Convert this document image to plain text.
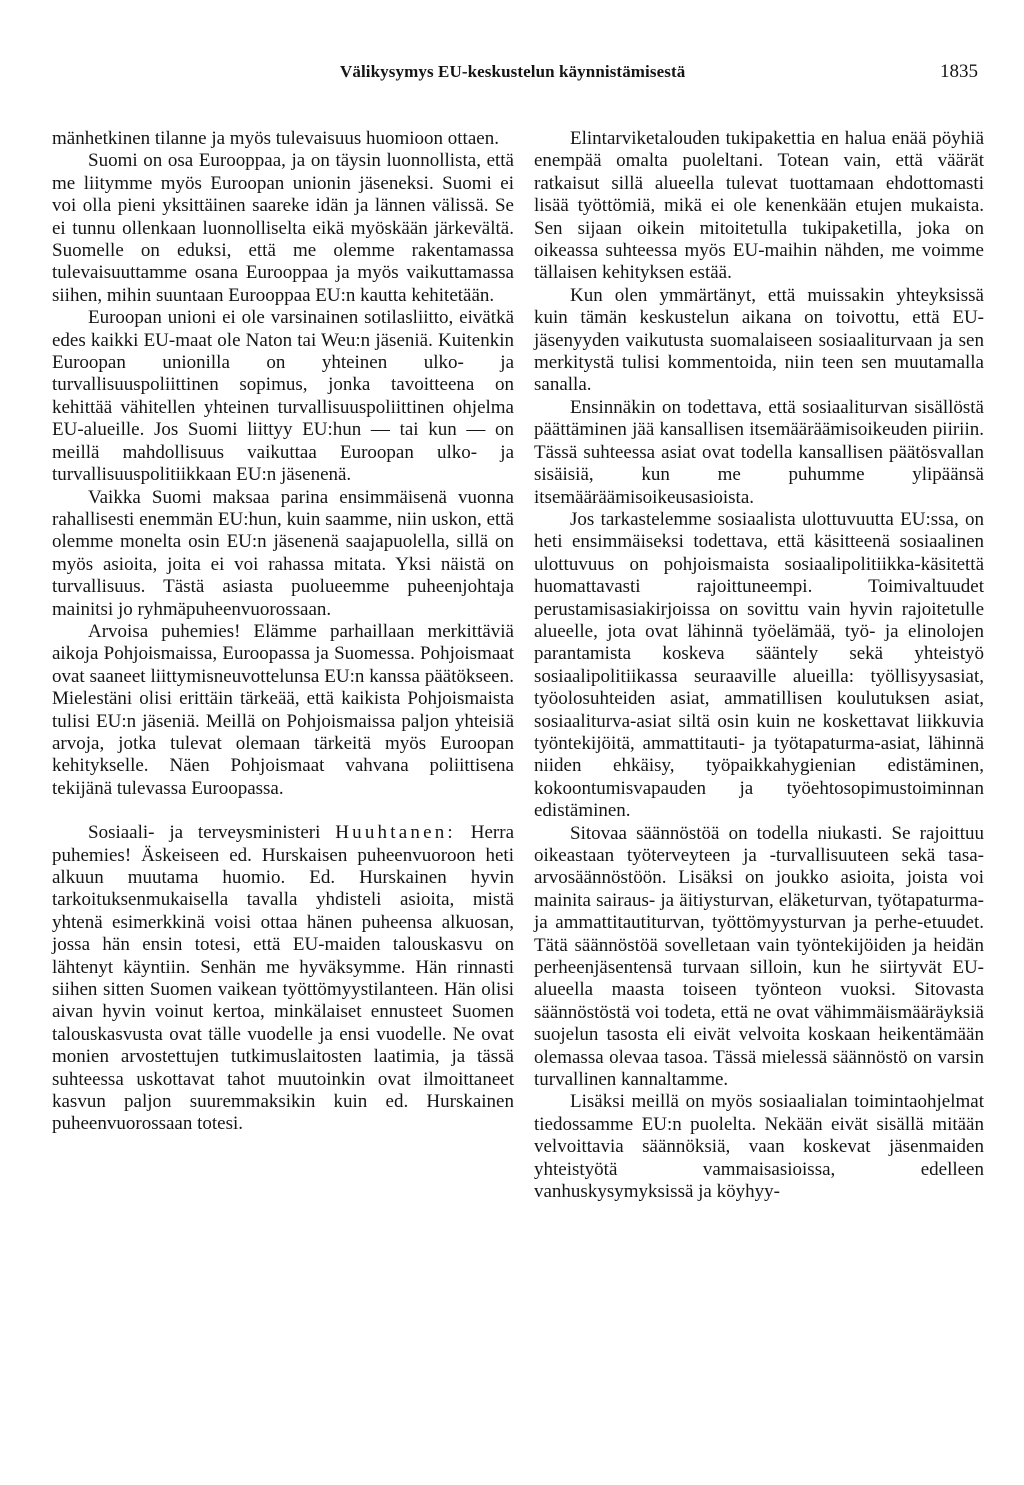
Välikysymys EU-keskustelun käynnistämisestä	1835

mänhetkinen tilanne ja myös tulevaisuus huomioon ottaen.

Suomi on osa Eurooppaa, ja on täysin luonnollista, että me liitymme myös Euroopan unionin jäseneksi. Suomi ei voi olla pieni yksittäinen saareke idän ja lännen välissä. Se ei tunnu ollenkaan luonnolliselta eikä myöskään järkevältä. Suomelle on eduksi, että me olemme rakentamassa tulevaisuuttamme osana Eurooppaa ja myös vaikuttamassa siihen, mihin suuntaan Eurooppaa EU:n kautta kehitetään.

Euroopan unioni ei ole varsinainen sotilasliitto, eivätkä edes kaikki EU-maat ole Naton tai Weu:n jäseniä. Kuitenkin Euroopan unionilla on yhteinen ulko- ja turvallisuuspoliittinen sopimus, jonka tavoitteena on kehittää vähitellen yhteinen turvallisuuspoliittinen ohjelma EU-alueille. Jos Suomi liittyy EU:hun — tai kun — on meillä mahdollisuus vaikuttaa Euroopan ulko- ja turvallisuuspolitiikkaan EU:n jäsenenä.

Vaikka Suomi maksaa parina ensimmäisenä vuonna rahallisesti enemmän EU:hun, kuin saamme, niin uskon, että olemme monelta osin EU:n jäsenenä saajapuolella, sillä on myös asioita, joita ei voi rahassa mitata. Yksi näistä on turvallisuus. Tästä asiasta puolueemme puheenjohtaja mainitsi jo ryhmäpuheenvuorossaan.

Arvoisa puhemies! Elämme parhaillaan merkittäviä aikoja Pohjoismaissa, Euroopassa ja Suomessa. Pohjoismaat ovat saaneet liittymisneuvottelunsa EU:n kanssa päätökseen. Mielestäni olisi erittäin tärkeää, että kaikista Pohjoismaista tulisi EU:n jäseniä. Meillä on Pohjoismaissa paljon yhteisiä arvoja, jotka tulevat olemaan tärkeitä myös Euroopan kehitykselle. Näen Pohjoismaat vahvana poliittisena tekijänä tulevassa Euroopassa.

Sosiaali- ja terveysministeri Huuhtanen: Herra puhemies! Äskeiseen ed. Hurskaisen puheenvuoroon heti alkuun muutama huomio. Ed. Hurskainen hyvin tarkoituksenmukaisella tavalla yhdisteli asioita, mistä yhtenä esimerkkinä voisi ottaa hänen puheensa alkuosan, jossa hän ensin totesi, että EU-maiden talouskasvu on lähtenyt käyntiin. Senhän me hyväksymme. Hän rinnasti siihen sitten Suomen vaikean työttömyystilanteen. Hän olisi aivan hyvin voinut kertoa, minkälaiset ennusteet Suomen talouskasvusta ovat tälle vuodelle ja ensi vuodelle. Ne ovat monien arvostettujen tutkimuslaitosten laatimia, ja tässä suhteessa uskottavat tahot muutoinkin ovat ilmoittaneet kasvun paljon suuremmaksikin kuin ed. Hurskainen puheenvuorossaan totesi.

Elintarviketalouden tukipakettia en halua enää pöyhiä enempää omalta puoleltani. Totean vain, että väärät ratkaisut sillä alueella tulevat tuottamaan ehdottomasti lisää työttömiä, mikä ei ole kenenkään etujen mukaista. Sen sijaan oikein mitoitetulla tukipaketilla, joka on oikeassa suhteessa myös EU-maihin nähden, me voimme tällaisen kehityksen estää.

Kun olen ymmärtänyt, että muissakin yhteyksissä kuin tämän keskustelun aikana on toivottu, että EU-jäsenyyden vaikutusta suomalaiseen sosiaaliturvaan ja sen merkitystä tulisi kommentoida, niin teen sen muutamalla sanalla.

Ensinnäkin on todettava, että sosiaaliturvan sisällöstä päättäminen jää kansallisen itsemääräämisoikeuden piiriin. Tässä suhteessa asiat ovat todella kansallisen päätösvallan sisäisiä, kun me puhumme ylipäänsä itsemääräämisoikeusasioista.

Jos tarkastelemme sosiaalista ulottuvuutta EU:ssa, on heti ensimmäiseksi todettava, että käsitteenä sosiaalinen ulottuvuus on pohjoismaista sosiaalipolitiikka-käsitettä huomattavasti rajoittuneempi. Toimivaltuudet perustamisasiakirjoissa on sovittu vain hyvin rajoitetulle alueelle, jota ovat lähinnä työelämää, työ- ja elinolojen parantamista koskeva sääntely sekä yhteistyö sosiaalipolitiikassa seuraaville alueilla: työllisyysasiat, työolosuhteiden asiat, ammatillisen koulutuksen asiat, sosiaaliturva-asiat siltä osin kuin ne koskettavat liikkuvia työntekijöitä, ammattitauti- ja työtapaturma-asiat, lähinnä niiden ehkäisy, työpaikkahygienian edistäminen, kokoontumisvapauden ja työehtosopimustoiminnan edistäminen.

Sitovaa säännöstöä on todella niukasti. Se rajoittuu oikeastaan työterveyteen ja -turvallisuuteen sekä tasa-arvosäännöstöön. Lisäksi on joukko asioita, joista voi mainita sairaus- ja äitiysturvan, eläketurvan, työtapaturma- ja ammattitautiturvan, työttömyysturvan ja perhe-etuudet. Tätä säännöstöä sovelletaan vain työntekijöiden ja heidän perheenjäsentensä turvaan silloin, kun he siirtyvät EU-alueella maasta toiseen työnteon vuoksi. Sitovasta säännöstöstä voi todeta, että ne ovat vähimmäismääräyksiä suojelun tasosta eli eivät velvoita koskaan heikentämään olemassa olevaa tasoa. Tässä mielessä säännöstö on varsin turvallinen kannaltamme.

Lisäksi meillä on myös sosiaalialan toimintaohjelmat tiedossamme EU:n puolelta. Nekään eivät sisällä mitään velvoittavia säännöksiä, vaan koskevat jäsenmaiden yhteistyötä vammaisasioissa, edelleen vanhuskysymyksissä ja köyhyy-
